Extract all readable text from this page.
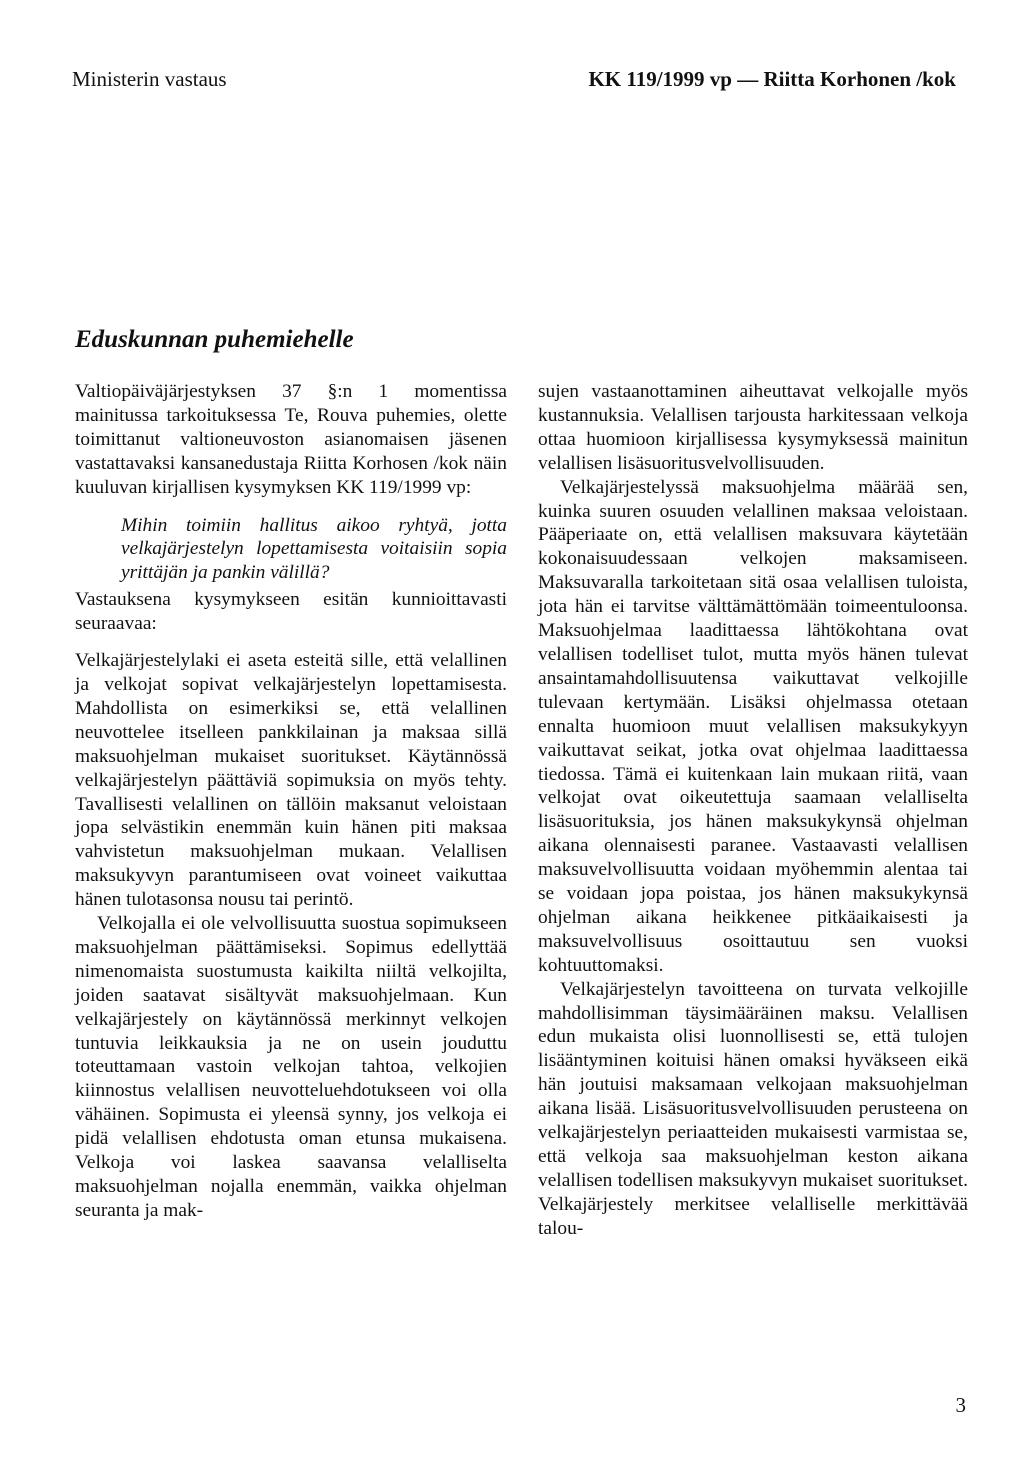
Ministerin vastaus	KK 119/1999 vp — Riitta Korhonen /kok
Eduskunnan puhemiehelle

Valtiopäiväjärjestyksen 37 §:n 1 momentissa mainitussa tarkoituksessa Te, Rouva puhemies, olette toimittanut valtioneuvoston asianomaisen jäsenen vastattavaksi kansanedustaja Riitta Korhosen /kok näin kuuluvan kirjallisen kysymyksen KK 119/1999 vp:

Mihin toimiin hallitus aikoo ryhtyä, jotta velkajärjestelyn lopettamisesta voitaisiin sopia yrittäjän ja pankin välillä?

Vastauksena kysymykseen esitän kunnioittavasti seuraavaa:

Velkajärjestelylaki ei aseta esteitä sille, että velallinen ja velkojat sopivat velkajärjestelyn lopettamisesta. Mahdollista on esimerkiksi se, että velallinen neuvottelee itselleen pankkilainan ja maksaa sillä maksuohjelman mukaiset suoritukset. Käytännössä velkajärjestelyn päättäviä sopimuksia on myös tehty. Tavallisesti velallinen on tällöin maksanut veloistaan jopa selvästikin enemmän kuin hänen piti maksaa vahvistetun maksuohjelman mukaan. Velallisen maksukyvyn parantumiseen ovat voineet vaikuttaa hänen tulotasonsa nousu tai perintö.

Velkojalla ei ole velvollisuutta suostua sopimukseen maksuohjelman päättämiseksi. Sopimus edellyttää nimenomaista suostumusta kaikilta niiltä velkojilta, joiden saatavat sisältyvät maksuohjelmaan. Kun velkajärjestely on käytännössä merkinnyt velkojen tuntuvia leikkauksia ja ne on usein jouduttu toteuttamaan vastoin velkojan tahtoa, velkojien kiinnostus velallisen neuvotteluehdotukseen voi olla vähäinen. Sopimusta ei yleensä synny, jos velkoja ei pidä velallisen ehdotusta oman etunsa mukaisena. Velkoja voi laskea saavansa velalliselta maksuohjelman nojalla enemmän, vaikka ohjelman seuranta ja mak-

sujen vastaanottaminen aiheuttavat velkojalle myös kustannuksia. Velallisen tarjousta harkitessaan velkoja ottaa huomioon kirjallisessa kysymyksessä mainitun velallisen lisäsuoritusvelvollisuuden.

Velkajärjestelyssä maksuohjelma määrää sen, kuinka suuren osuuden velallinen maksaa veloistaan. Pääperiaate on, että velallisen maksuvara käytetään kokonaisuudessaan velkojen maksamiseen. Maksuvaralla tarkoitetaan sitä osaa velallisen tuloista, jota hän ei tarvitse välttämättömään toimeentuloonsa. Maksuohjelmaa laadittaessa lähtökohtana ovat velallisen todelliset tulot, mutta myös hänen tulevat ansaintamahdollisuutensa vaikuttavat velkojille tulevaan kertymään. Lisäksi ohjelmassa otetaan ennalta huomioon muut velallisen maksukykyyn vaikuttavat seikat, jotka ovat ohjelmaa laadittaessa tiedossa. Tämä ei kuitenkaan lain mukaan riitä, vaan velkojat ovat oikeutettuja saamaan velalliselta lisäsuorituksia, jos hänen maksukykynsä ohjelman aikana olennaisesti paranee. Vastaavasti velallisen maksuvelvollisuutta voidaan myöhemmin alentaa tai se voidaan jopa poistaa, jos hänen maksukykynsä ohjelman aikana heikkenee pitkäaikaisesti ja maksuvelvollisuus osoittautuu sen vuoksi kohtuuttomaksi.

Velkajärjestelyn tavoitteena on turvata velkojille mahdollisimman täysimääräinen maksu. Velallisen edun mukaista olisi luonnollisesti se, että tulojen lisääntyminen koituisi hänen omaksi hyväkseen eikä hän joutuisi maksamaan velkojaan maksuohjelman aikana lisää. Lisäsuoritusvelvollisuuden perusteena on velkajärjestelyn periaatteiden mukaisesti varmistaa se, että velkoja saa maksuohjelman keston aikana velallisen todellisen maksukyvyn mukaiset suoritukset. Velkajärjestely merkitsee velalliselle merkittävää talou-

3
